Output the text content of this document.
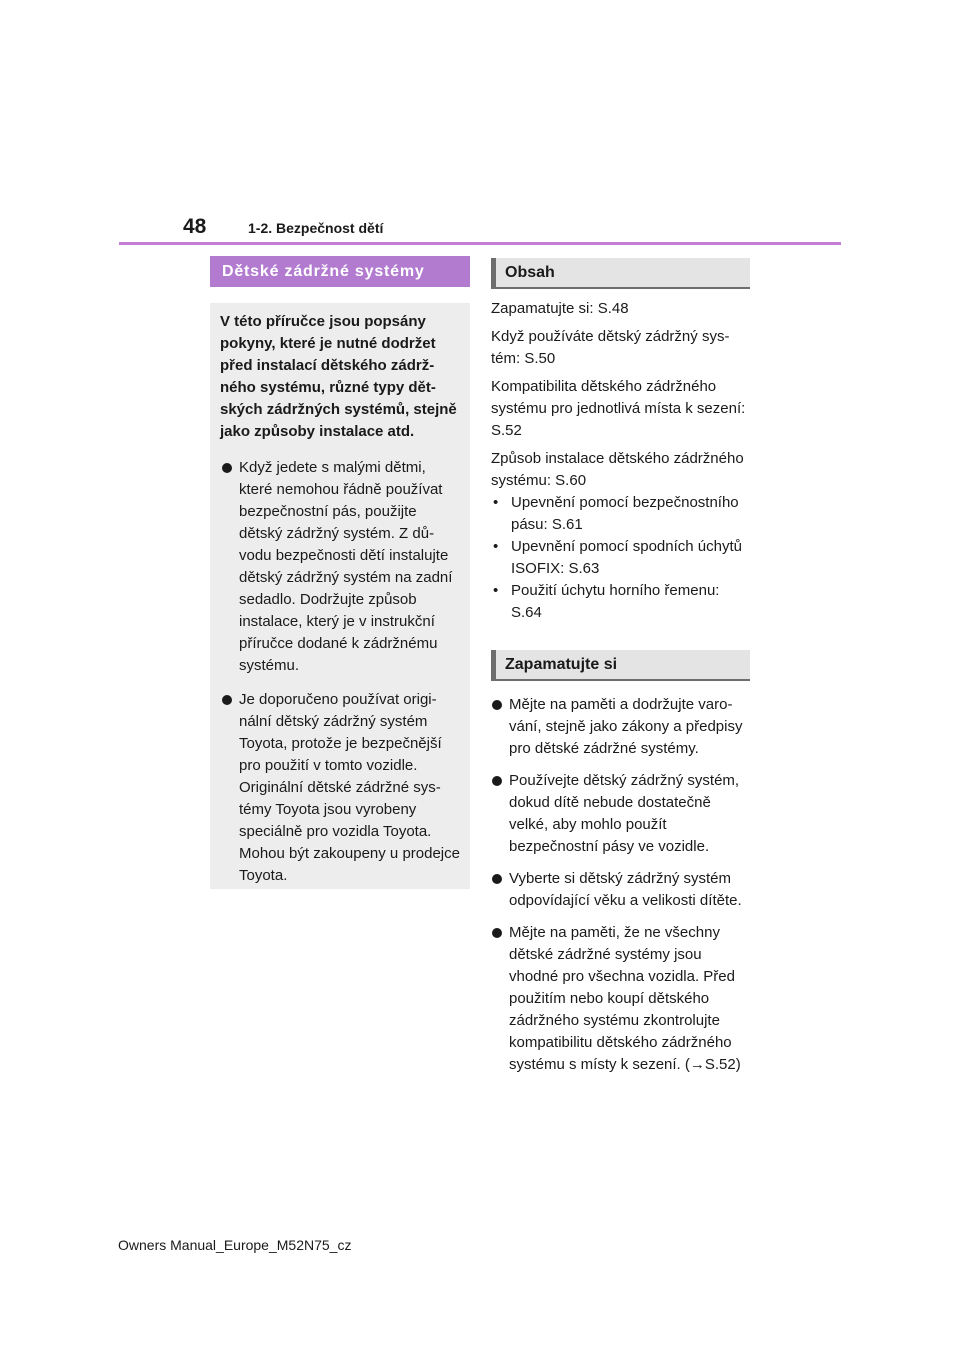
48	1-2. Bezpečnost dětí
Dětské zádržné systémy

V této příručce jsou popsány pokyny, které je nutné dodržet před instalací dětského zádržného systému, různé typy dětských zádržných systémů, stejně jako způsoby instalace atd.

Když jedete s malými dětmi, které nemohou řádně používat bezpečnostní pás, použijte dětský zádržný systém. Z důvodu bezpečnosti dětí instalujte dětský zádržný systém na zadní sedadlo. Dodržujte způsob instalace, který je v instrukční příručce dodané k zádržnému systému.
Je doporučeno používat originální dětský zádržný systém Toyota, protože je bezpečnější pro použití v tomto vozidle. Originální dětské zádržné systémy Toyota jsou vyrobeny speciálně pro vozidla Toyota. Mohou být zakoupeny u prodejce Toyota.
Obsah

Zapamatujte si: S.48

Když používáte dětský zádržný systém: S.50

Kompatibilita dětského zádržného systému pro jednotlivá místa k sezení: S.52

Způsob instalace dětského zádržného systému: S.60

• Upevnění pomocí bezpečnostního pásu: S.61
• Upevnění pomocí spodních úchytů ISOFIX: S.63
• Použití úchytu horního řemenu: S.64
Zapamatujte si
Mějte na paměti a dodržujte varování, stejně jako zákony a předpisy pro dětské zádržné systémy.
Používejte dětský zádržný systém, dokud dítě nebude dostatečně velké, aby mohlo použít bezpečnostní pásy ve vozidle.
Vyberte si dětský zádržný systém odpovídající věku a velikosti dítěte.
Mějte na paměti, že ne všechny dětské zádržné systémy jsou vhodné pro všechna vozidla. Před použitím nebo koupí dětského zádržného systému zkontrolujte kompatibilitu dětského zádržného systému s místy k sezení. (→S.52)
Owners Manual_Europe_M52N75_cz
